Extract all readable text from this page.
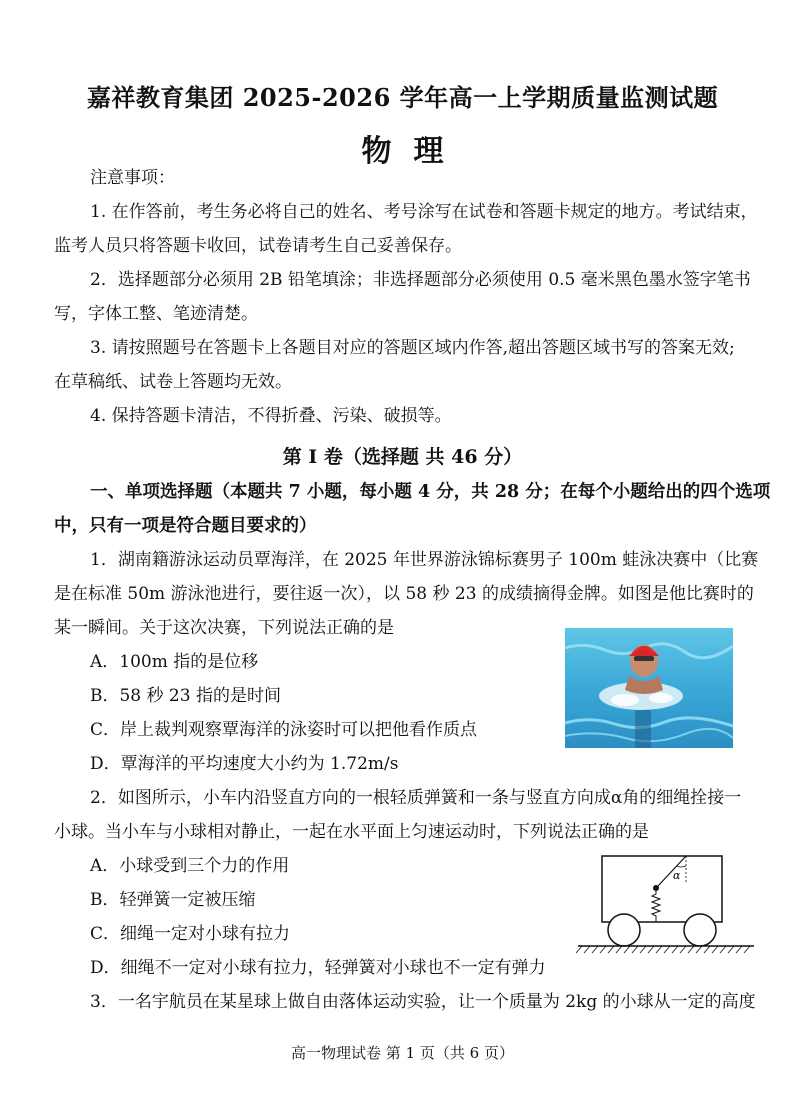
嘉祥教育集团 2025-2026 学年高一上学期质量监测试题
物理
注意事项：
1. 在作答前，考生务必将自己的姓名、考号涂写在试卷和答题卡规定的地方。考试结束，
监考人员只将答题卡收回，试卷请考生自己妥善保存。
2．选择题部分必须用 2B 铅笔填涂；非选择题部分必须使用 0.5 毫米黑色墨水签字笔书
写，字体工整、笔迹清楚。
3. 请按照题号在答题卡上各题目对应的答题区域内作答,超出答题区域书写的答案无效;
在草稿纸、试卷上答题均无效。
4. 保持答题卡清洁，不得折叠、污染、破损等。
第 I 卷（选择题 共 46 分）
一、单项选择题（本题共 7 小题，每小题 4 分，共 28 分；在每个小题给出的四个选项
中，只有一项是符合题目要求的）
1．湖南籍游泳运动员覃海洋，在 2025 年世界游泳锦标赛男子 100m 蛙泳决赛中（比赛
是在标准 50m 游泳池进行，要往返一次），以 58 秒 23 的成绩摘得金牌。如图是他比赛时的
某一瞬间。关于这次决赛，下列说法正确的是
A．100m 指的是位移
B．58 秒 23 指的是时间
C．岸上裁判观察覃海洋的泳姿时可以把他看作质点
D．覃海洋的平均速度大小约为 1.72m/s
2．如图所示，小车内沿竖直方向的一根轻质弹簧和一条与竖直方向成α角的细绳拴接一
小球。当小车与小球相对静止，一起在水平面上匀速运动时，下列说法正确的是
A．小球受到三个力的作用
B．轻弹簧一定被压缩
C．细绳一定对小球有拉力
D．细绳不一定对小球有拉力，轻弹簧对小球也不一定有弹力
α
3．一名宇航员在某星球上做自由落体运动实验，让一个质量为 2kg 的小球从一定的高度
高一物理试卷 第 1 页（共 6 页）
